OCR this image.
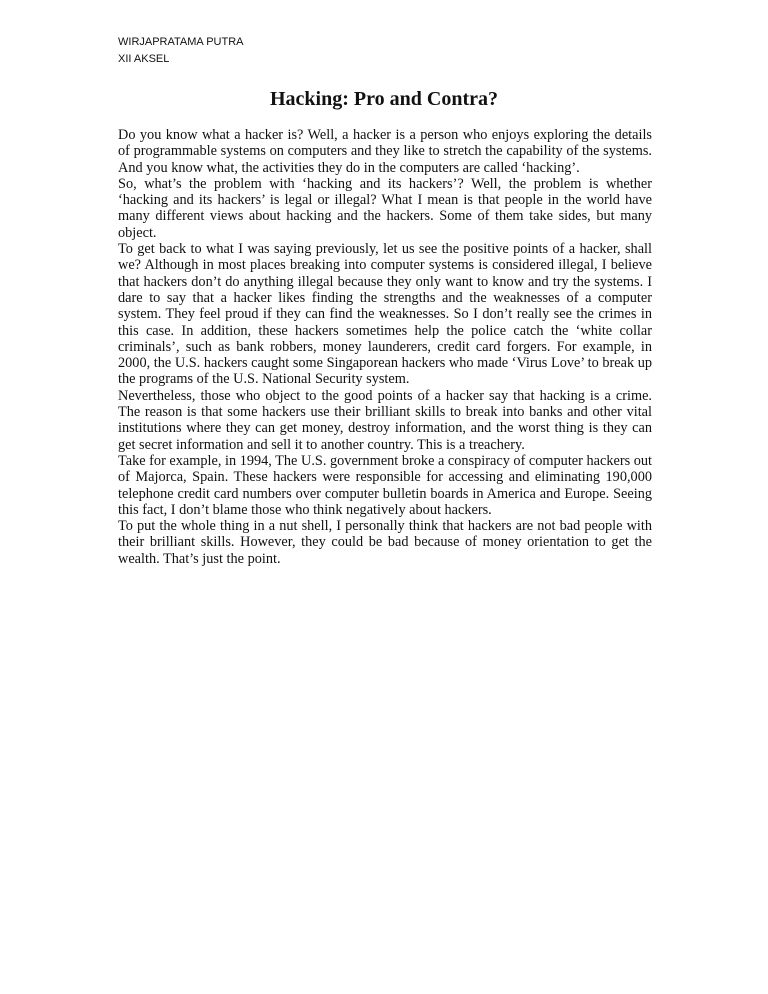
WIRJAPRATAMA PUTRA
XII AKSEL
Hacking: Pro and Contra?

Do you know what a hacker is? Well, a hacker is a person who enjoys exploring the details of programmable systems on computers and they like to stretch the capability of the systems. And you know what, the activities they do in the computers are called ‘hacking’.

So, what’s the problem with ‘hacking and its hackers’? Well, the problem is whether ‘hacking and its hackers’ is legal or illegal? What I mean is that people in the world have many different views about hacking and the hackers. Some of them take sides, but many object.

To get back to what I was saying previously, let us see the positive points of a hacker, shall we? Although in most places breaking into computer systems is considered illegal, I believe that hackers don’t do anything illegal because they only want to know and try the systems. I dare to say that a hacker likes finding the strengths and the weaknesses of a computer system. They feel proud if they can find the weaknesses. So I don’t really see the crimes in this case. In addition, these hackers sometimes help the police catch the ‘white collar criminals’, such as bank robbers, money launderers, credit card forgers. For example, in 2000, the U.S. hackers caught some Singaporean hackers who made ‘Virus Love’ to break up the programs of the U.S. National Security system.

Nevertheless, those who object to the good points of a hacker say that hacking is a crime. The reason is that some hackers use their brilliant skills to break into banks and other vital institutions where they can get money, destroy information, and the worst thing is they can get secret information and sell it to another country. This is a treachery.

Take for example, in 1994, The U.S. government broke a conspiracy of computer hackers out of Majorca, Spain. These hackers were responsible for accessing and eliminating 190,000 telephone credit card numbers over computer bulletin boards in America and Europe. Seeing this fact, I don’t blame those who think negatively about hackers.

To put the whole thing in a nut shell, I personally think that hackers are not bad people with their brilliant skills. However, they could be bad because of money orientation to get the wealth. That’s just the point.
